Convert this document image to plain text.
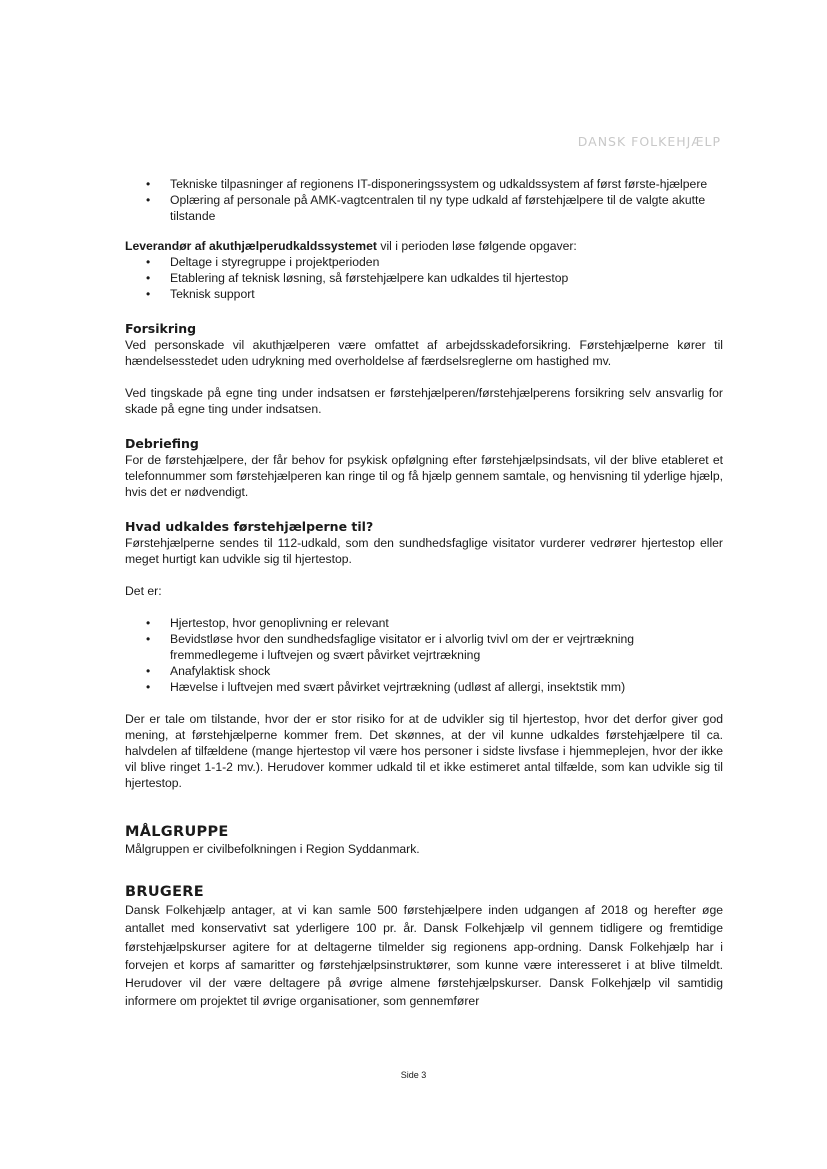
DANSK FOLKEHJÆLP
• Tekniske tilpasninger af regionens IT-disponeringssystem og udkaldssystem af først første-hjælpere
• Oplæring af personale på AMK-vagtcentralen til ny type udkald af førstehjælpere til de valgte akutte tilstande

Leverandør af akuthjælperudkaldssystemet vil i perioden løse følgende opgaver:

• Deltage i styregruppe i projektperioden
• Etablering af teknisk løsning, så førstehjælpere kan udkaldes til hjertestop
• Teknisk support
Forsikring

Ved personskade vil akuthjælperen være omfattet af arbejdsskadeforsikring. Førstehjælperne kører til hændelsesstedet uden udrykning med overholdelse af færdselsreglerne om hastighed mv.

Ved tingskade på egne ting under indsatsen er førstehjælperen/førstehjælperens forsikring selv ansvarlig for skade på egne ting under indsatsen.

Debriefing

For de førstehjælpere, der får behov for psykisk opfølgning efter førstehjælpsindsats, vil der blive etableret et telefonnummer som førstehjælperen kan ringe til og få hjælp gennem samtale, og henvisning til yderlige hjælp, hvis det er nødvendigt.

Hvad udkaldes førstehjælperne til?

Førstehjælperne sendes til 112-udkald, som den sundhedsfaglige visitator vurderer vedrører hjertestop eller meget hurtigt kan udvikle sig til hjertestop.

Det er:

• Hjertestop, hvor genoplivning er relevant
• Bevidstløse hvor den sundhedsfaglige visitator er i alvorlig tvivl om der er vejrtrækning fremmedlegeme i luftvejen og svært påvirket vejrtrækning
• Anafylaktisk shock
• Hævelse i luftvejen med svært påvirket vejrtrækning (udløst af allergi, insektstik mm)

Der er tale om tilstande, hvor der er stor risiko for at de udvikler sig til hjertestop, hvor det derfor giver god mening, at førstehjælperne kommer frem. Det skønnes, at der vil kunne udkaldes førstehjælpere til ca. halvdelen af tilfældene (mange hjertestop vil være hos personer i sidste livsfase i hjemmeplejen, hvor der ikke vil blive ringet 1-1-2 mv.). Herudover kommer udkald til et ikke estimeret antal tilfælde, som kan udvikle sig til hjertestop.

MÅLGRUPPE

Målgruppen er civilbefolkningen i Region Syddanmark.

BRUGERE

Dansk Folkehjælp antager, at vi kan samle 500 førstehjælpere inden udgangen af 2018 og herefter øge antallet med konservativt sat yderligere 100 pr. år. Dansk Folkehjælp vil gennem tidligere og fremtidige førstehjælpskurser agitere for at deltagerne tilmelder sig regionens app-ordning. Dansk Folkehjælp har i forvejen et korps af samaritter og førstehjælpsinstruktører, som kunne være interesseret i at blive tilmeldt. Herudover vil der være deltagere på øvrige almene førstehjælpskurser. Dansk Folkehjælp vil samtidig informere om projektet til øvrige organisationer, som gennemfører

Side 3
